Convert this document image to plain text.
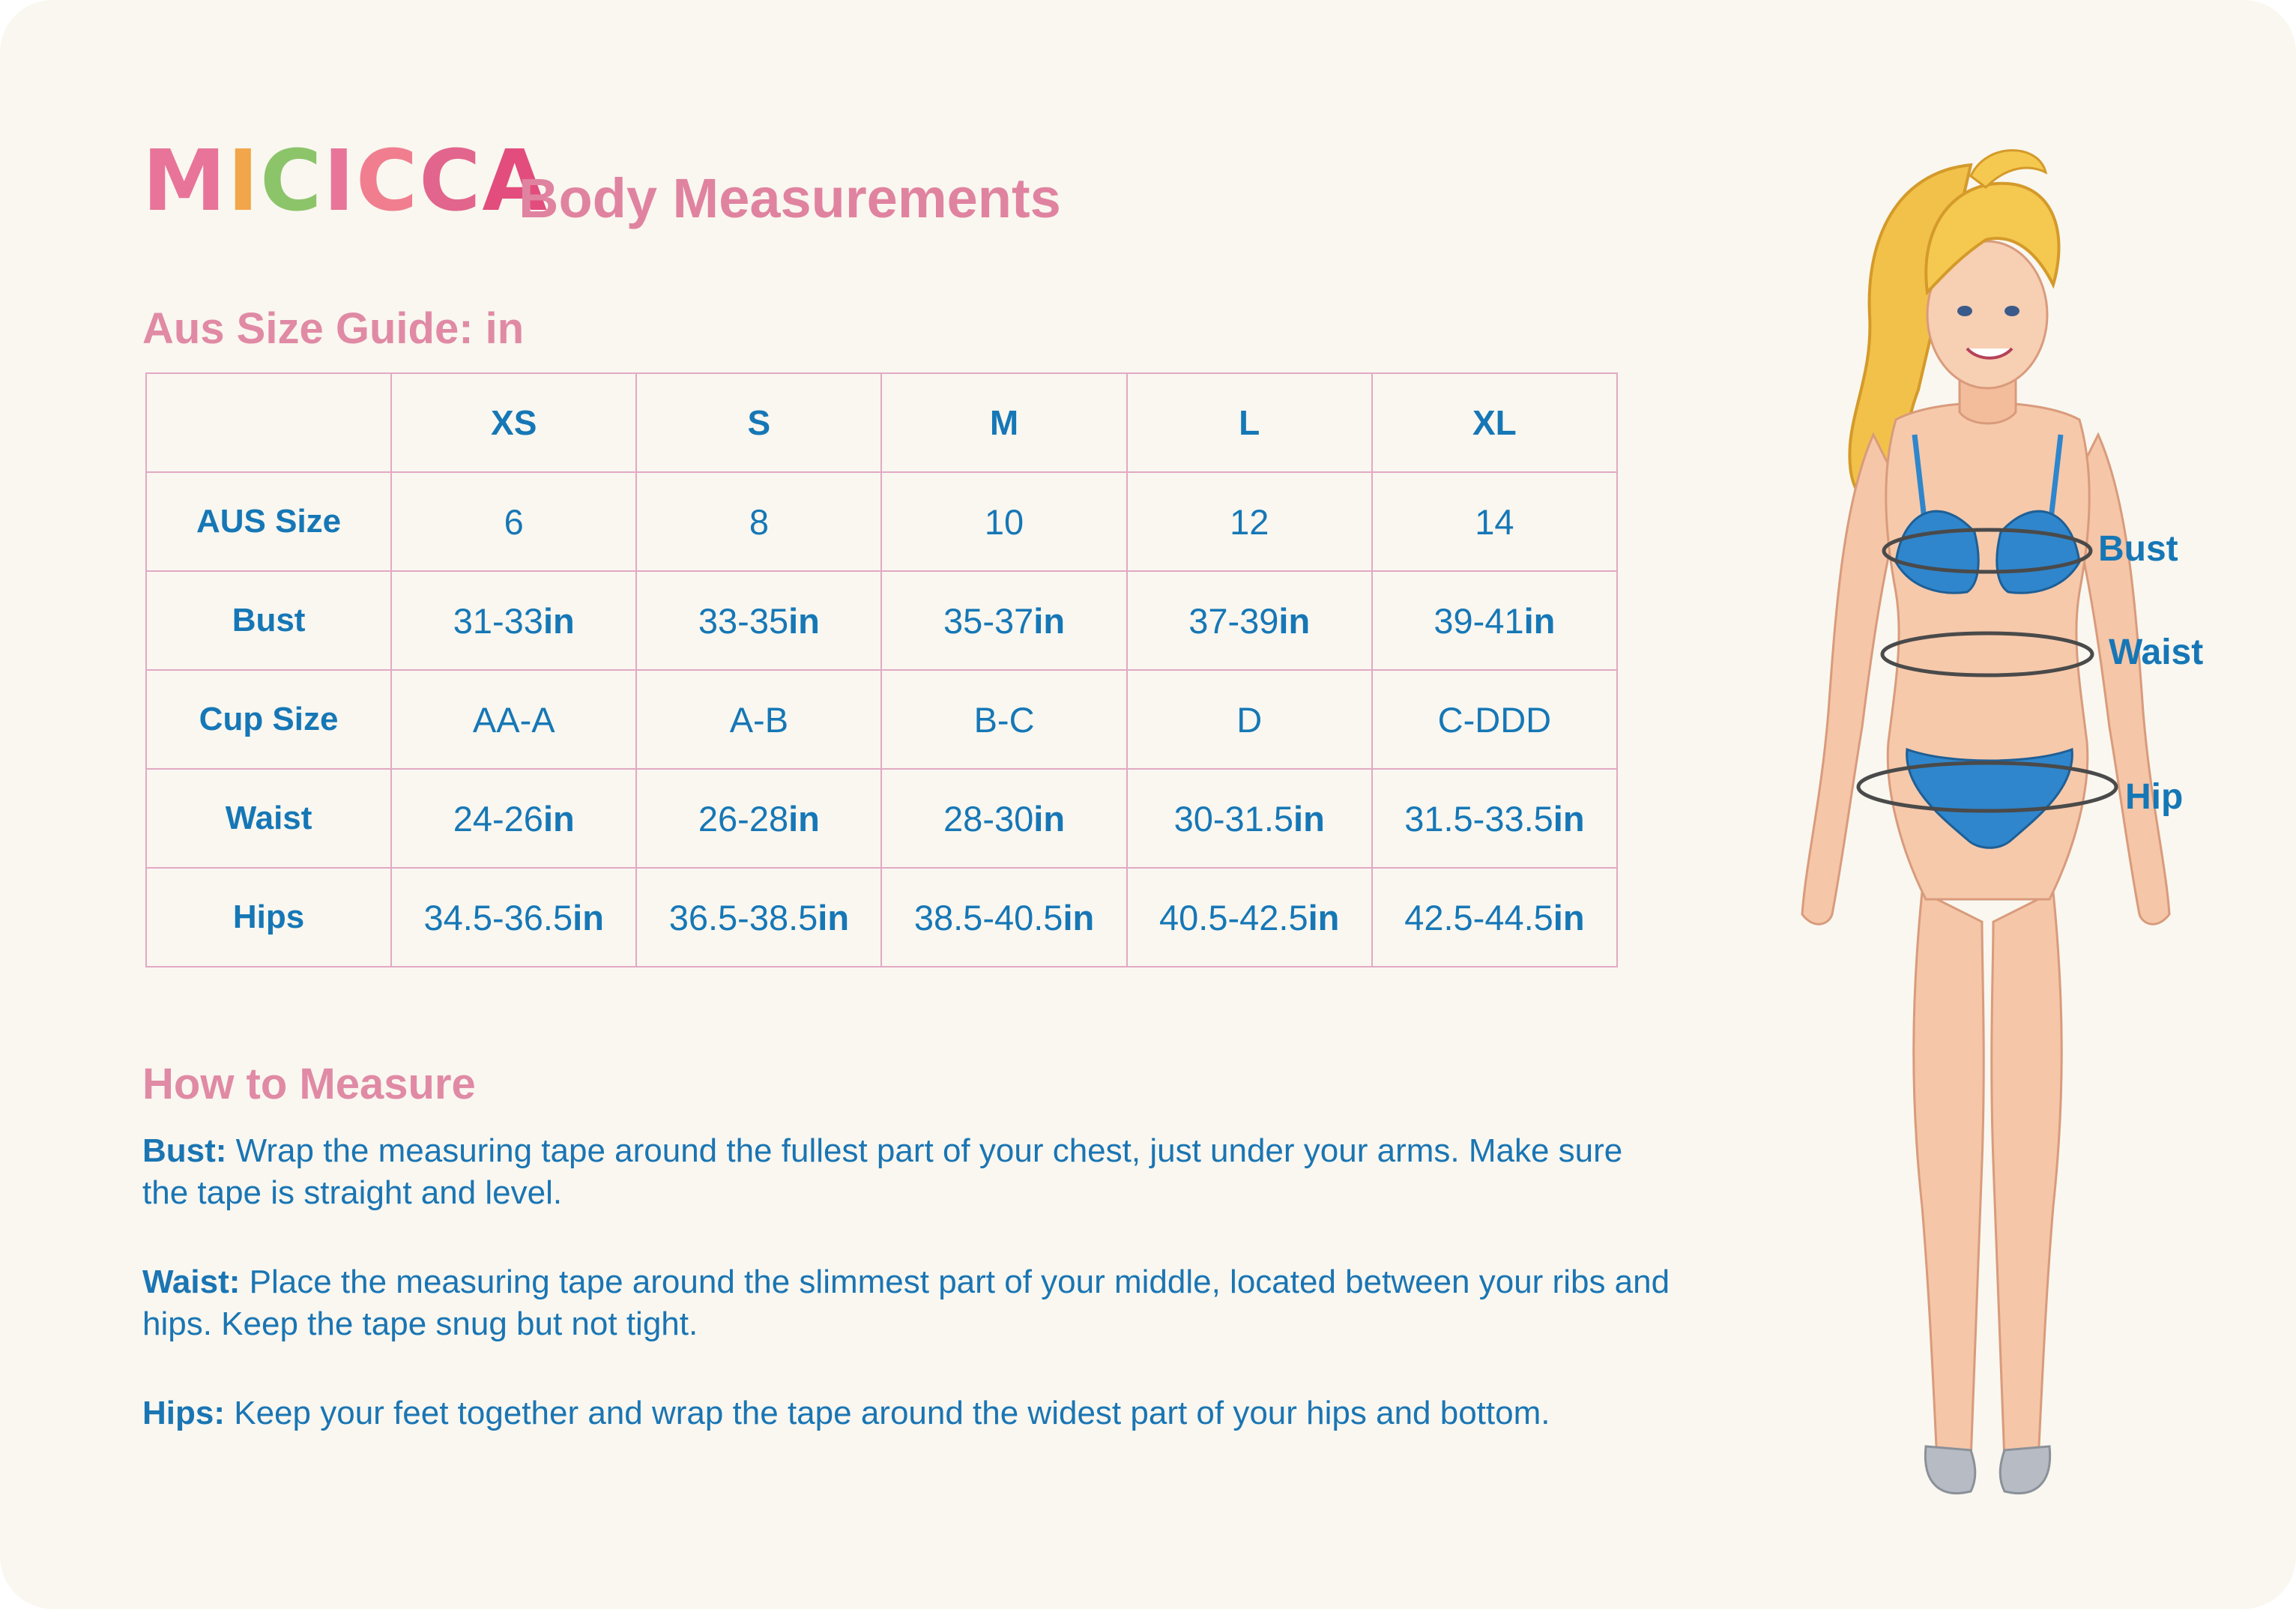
M I C I C C A
Body Measurements
Aus Size Guide: in
	XS	S	M	L	XL
AUS Size	6	8	10	12	14
Bust	31-33in	33-35in	35-37in	37-39in	39-41in
Cup Size	AA-A	A-B	B-C	D	C-DDD
Waist	24-26in	26-28in	28-30in	30-31.5in	31.5-33.5in
Hips	34.5-36.5in	36.5-38.5in	38.5-40.5in	40.5-42.5in	42.5-44.5in
How to Measure

Bust: Wrap the measuring tape around the fullest part of your chest, just under your arms. Make sure the tape is straight and level.

Waist: Place the measuring tape around the slimmest part of your middle, located between your ribs and hips. Keep the tape snug but not tight.

Hips: Keep your feet together and wrap the tape around the widest part of your hips and bottom.

Bust
Waist
Hip
